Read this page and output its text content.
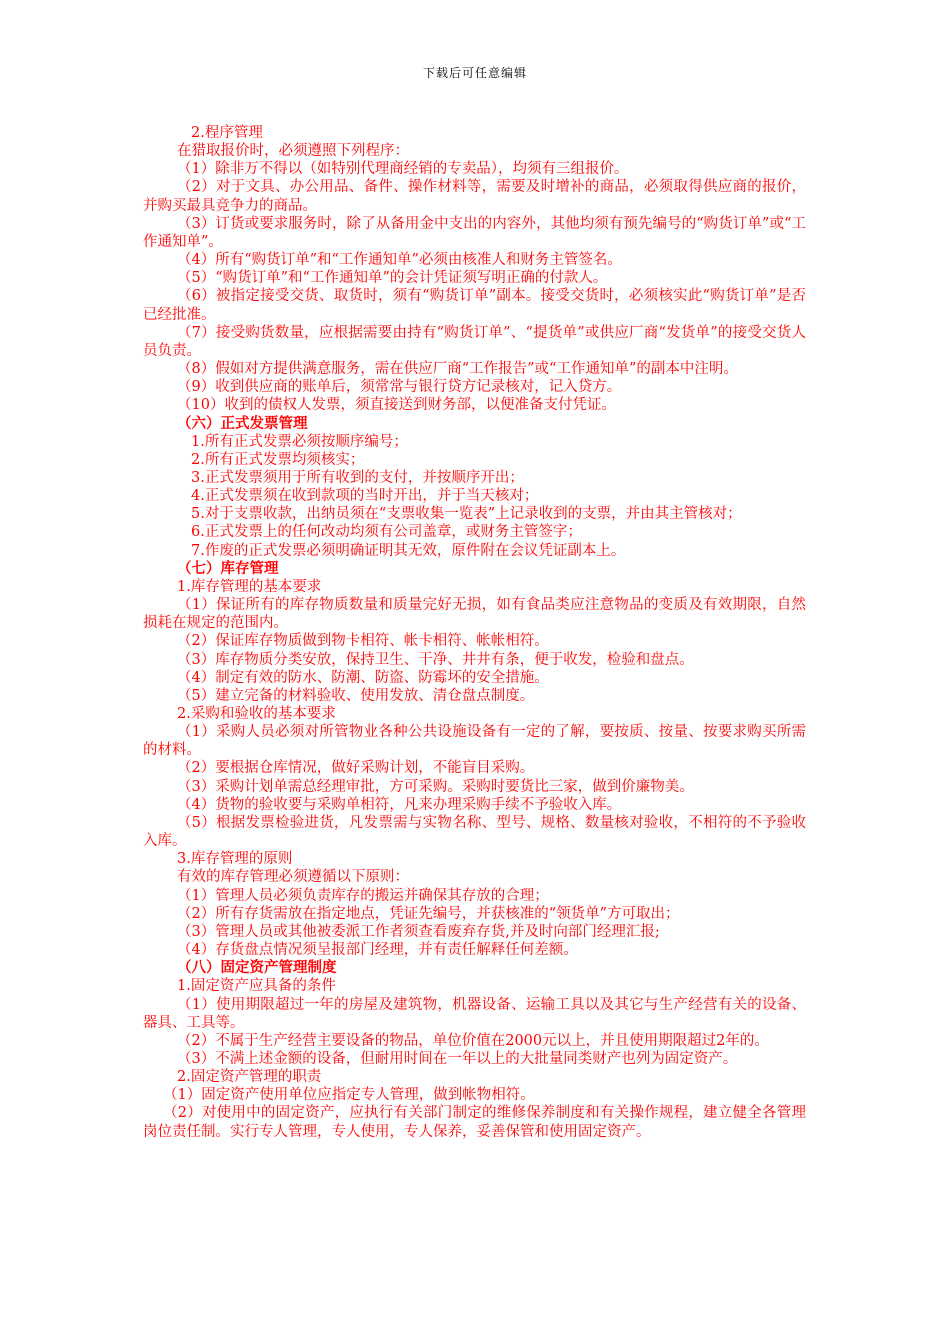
下载后可任意编辑

2.程序管理

在猎取报价时，必须遵照下列程序：

（1）除非万不得以（如特别代理商经销的专卖品），均须有三组报价。

（2）对于文具、办公用品、备件、操作材料等，需要及时增补的商品，必须取得供应商的报价，并购买最具竞争力的商品。

（3）订货或要求服务时，除了从备用金中支出的内容外，其他均须有预先编号的“购货订单”或“工作通知单”。

（4）所有“购货订单”和“工作通知单”必须由核准人和财务主管签名。

（5）“购货订单”和“工作通知单”的会计凭证须写明正确的付款人。

（6）被指定接受交货、取货时，须有“购货订单”副本。接受交货时，必须核实此“购货订单”是否已经批准。

（7）接受购货数量，应根据需要由持有“购货订单”、“提货单”或供应厂商“发货单”的接受交货人员负责。

（8）假如对方提供满意服务，需在供应厂商“工作报告”或“工作通知单”的副本中注明。

（9）收到供应商的账单后，须常常与银行贷方记录核对，记入贷方。

（10）收到的债权人发票，须直接送到财务部，以便准备支付凭证。

（六）正式发票管理

1.所有正式发票必须按顺序编号；

2.所有正式发票均须核实；

3.正式发票须用于所有收到的支付，并按顺序开出；

4.正式发票须在收到款项的当时开出，并于当天核对；

5.对于支票收款，出纳员须在“支票收集一览表”上记录收到的支票，并由其主管核对；

6.正式发票上的任何改动均须有公司盖章，或财务主管签字；

7.作废的正式发票必须明确证明其无效，原件附在会议凭证副本上。

（七）库存管理

1.库存管理的基本要求

（1）保证所有的库存物质数量和质量完好无损，如有食品类应注意物品的变质及有效期限，自然损耗在规定的范围内。

（2）保证库存物质做到物卡相符、帐卡相符、帐帐相符。

（3）库存物质分类安放，保持卫生、干净、井井有条，便于收发，检验和盘点。

（4）制定有效的防水、防潮、防盗、防霉坏的安全措施。

（5）建立完备的材料验收、使用发放、清仓盘点制度。

2.采购和验收的基本要求

（1）采购人员必须对所管物业各种公共设施设备有一定的了解，要按质、按量、按要求购买所需的材料。

（2）要根据仓库情况，做好采购计划，不能盲目采购。

（3）采购计划单需总经理审批，方可采购。采购时要货比三家，做到价廉物美。

（4）货物的验收要与采购单相符，凡来办理采购手续不予验收入库。

（5）根据发票检验进货，凡发票需与实物名称、型号、规格、数量核对验收，不相符的不予验收入库。

3.库存管理的原则

有效的库存管理必须遵循以下原则：

（1）管理人员必须负责库存的搬运并确保其存放的合理；

（2）所有存货需放在指定地点，凭证先编号，并获核准的“领货单”方可取出；

（3）管理人员或其他被委派工作者须查看废弃存货,并及时向部门经理汇报;

（4）存货盘点情况须呈报部门经理，并有责任解释任何差额。

（八）固定资产管理制度

1.固定资产应具备的条件

（1）使用期限超过一年的房屋及建筑物，机器设备、运输工具以及其它与生产经营有关的设备、器具、工具等。

（2）不属于生产经营主要设备的物品，单位价值在2000元以上，并且使用期限超过2年的。

（3）不满上述金额的设备，但耐用时间在一年以上的大批量同类财产也列为固定资产。

2.固定资产管理的职责

（1）固定资产使用单位应指定专人管理，做到帐物相符。

（2）对使用中的固定资产，应执行有关部门制定的维修保养制度和有关操作规程，建立健全各管理岗位责任制。实行专人管理，专人使用，专人保养，妥善保管和使用固定资产。
